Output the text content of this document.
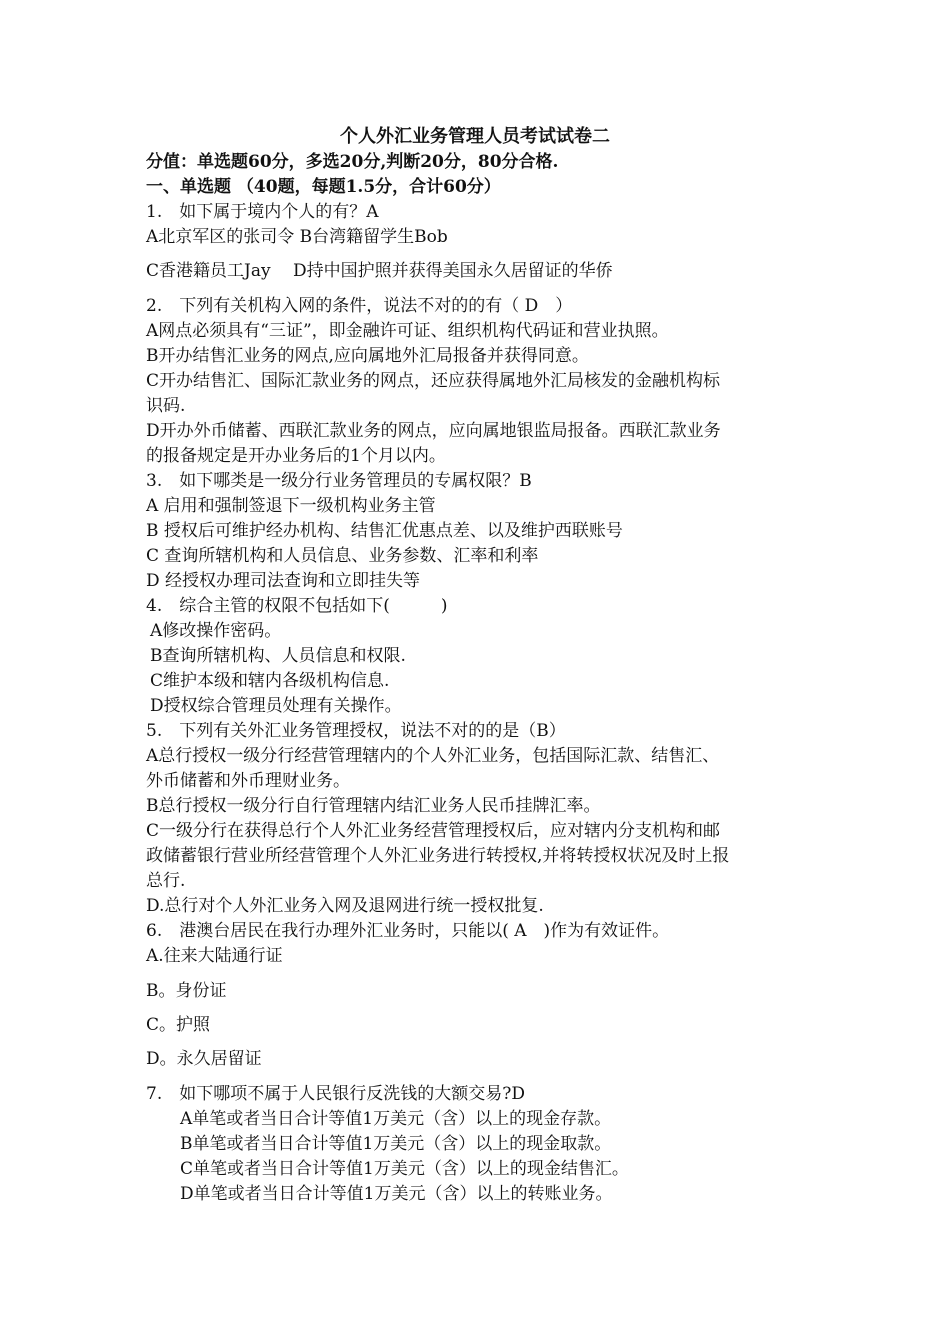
个人外汇业务管理人员考试试卷二
分值：单选题60分，多选20分,判断20分，80分合格.
一、单选题 （40题，每题1.5分，合计60分）
1.　如下属于境内个人的有？A
A北京军区的张司令 B台湾籍留学生Bob
C香港籍员工Jay　 D持中国护照并获得美国永久居留证的华侨
2.　下列有关机构入网的条件，说法不对的的有（ D　）
A网点必须具有“三证”，即金融许可证、组织机构代码证和营业执照。
B开办结售汇业务的网点,应向属地外汇局报备并获得同意。
C开办结售汇、国际汇款业务的网点，还应获得属地外汇局核发的金融机构标
识码.
D开办外币储蓄、西联汇款业务的网点，应向属地银监局报备。西联汇款业务
的报备规定是开办业务后的1个月以内。
3.　如下哪类是一级分行业务管理员的专属权限？B
A 启用和强制签退下一级机构业务主管
B 授权后可维护经办机构、结售汇优惠点差、以及维护西联账号
C 查询所辖机构和人员信息、业务参数、汇率和利率
D 经授权办理司法查询和立即挂失等
4.　综合主管的权限不包括如下(　　　)
A修改操作密码。
B查询所辖机构、人员信息和权限.
C维护本级和辖内各级机构信息.
D授权综合管理员处理有关操作。
5.　下列有关外汇业务管理授权，说法不对的的是（B）
A总行授权一级分行经营管理辖内的个人外汇业务，包括国际汇款、结售汇、
外币储蓄和外币理财业务。
B总行授权一级分行自行管理辖内结汇业务人民币挂牌汇率。
C一级分行在获得总行个人外汇业务经营管理授权后，应对辖内分支机构和邮
政储蓄银行营业所经营管理个人外汇业务进行转授权,并将转授权状况及时上报
总行.
D.总行对个人外汇业务入网及退网进行统一授权批复.
6.　港澳台居民在我行办理外汇业务时，只能以( A　)作为有效证件。
A.往来大陆通行证
B。身份证
C。护照
D。永久居留证
7.　如下哪项不属于人民银行反洗钱的大额交易?D
A单笔或者当日合计等值1万美元（含）以上的现金存款。
B单笔或者当日合计等值1万美元（含）以上的现金取款。
C单笔或者当日合计等值1万美元（含）以上的现金结售汇。
D单笔或者当日合计等值1万美元（含）以上的转账业务。
